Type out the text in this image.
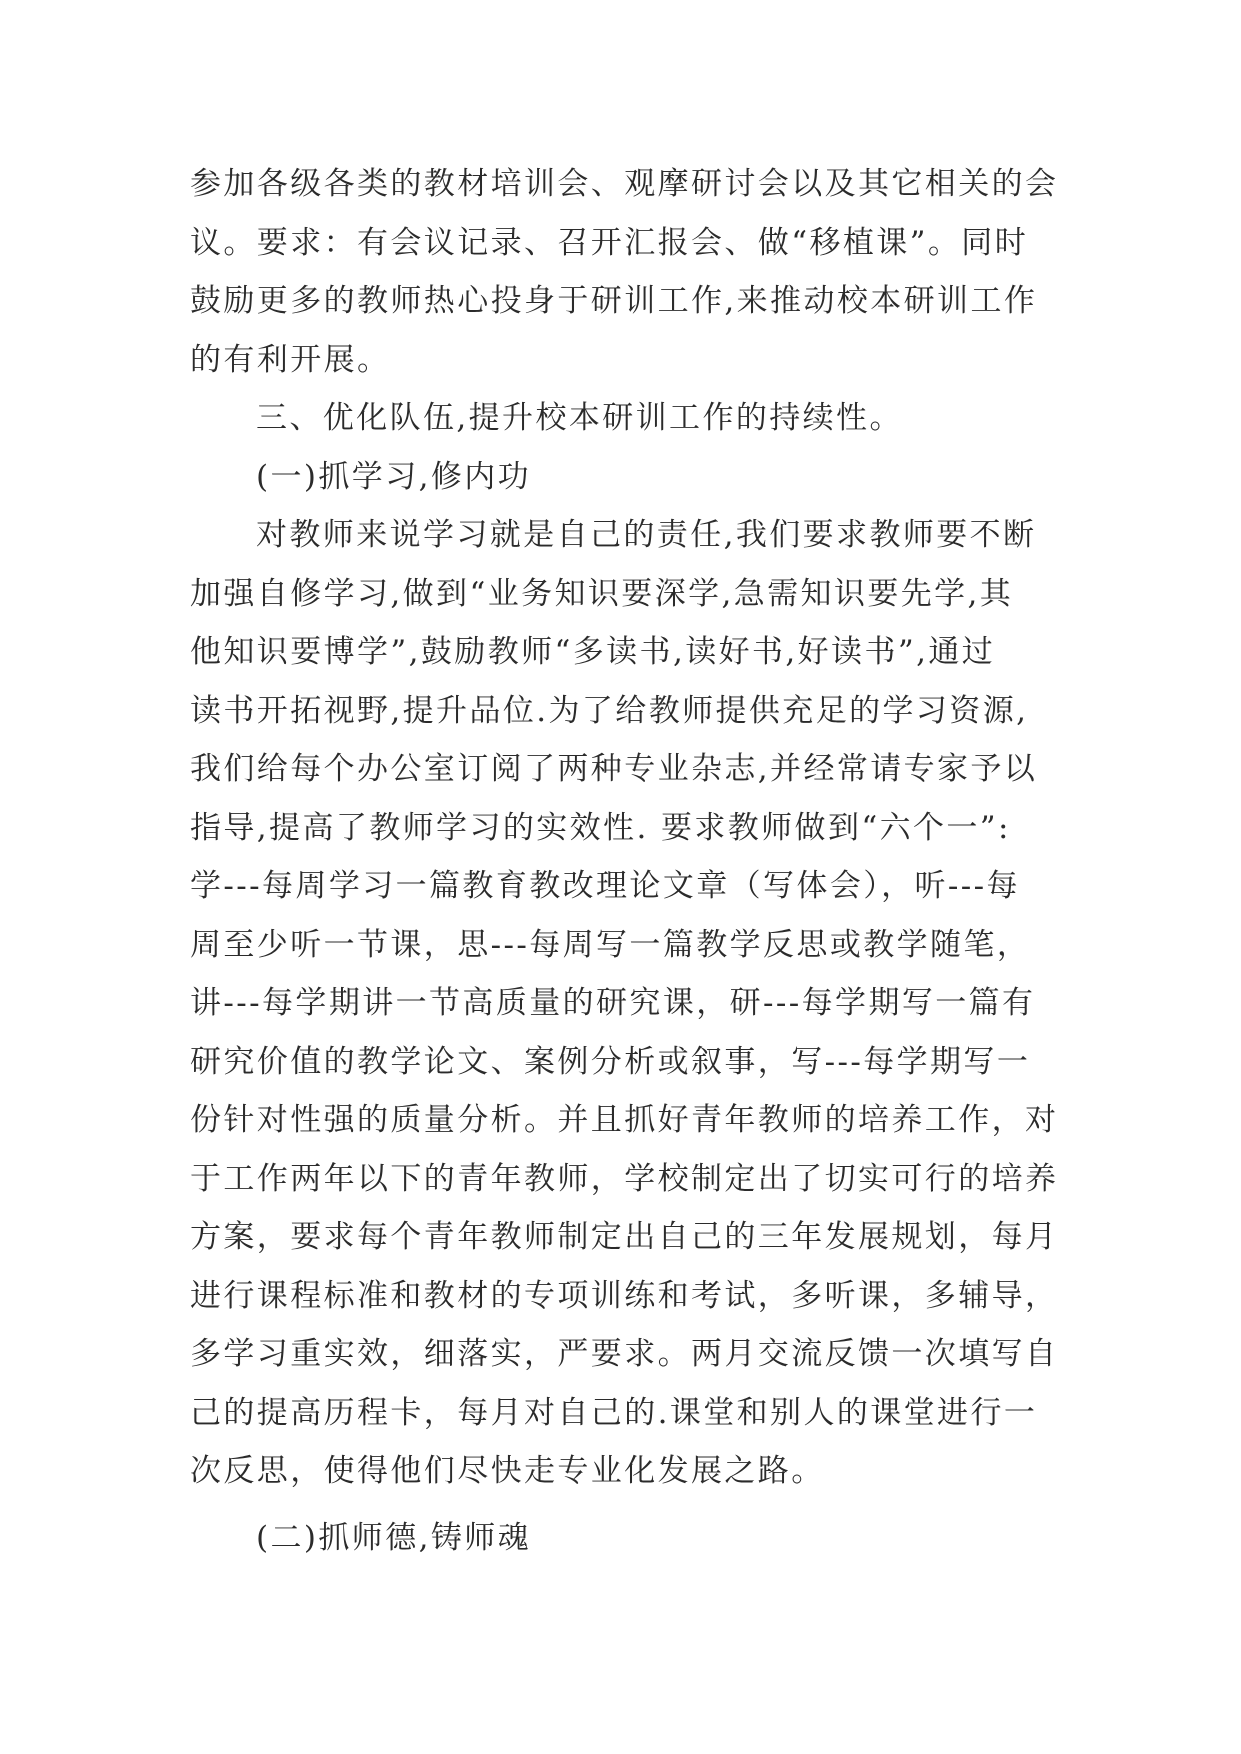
参加各级各类的教材培训会、观摩研讨会以及其它相关的会
议。要求：有会议记录、召开汇报会、做“移植课”。同时
鼓励更多的教师热心投身于研训工作,来推动校本研训工作
的有利开展。
三、优化队伍,提升校本研训工作的持续性。
(一)抓学习,修内功
对教师来说学习就是自己的责任,我们要求教师要不断
加强自修学习,做到“业务知识要深学,急需知识要先学,其
他知识要博学”,鼓励教师“多读书,读好书,好读书”,通过
读书开拓视野,提升品位.为了给教师提供充足的学习资源,
我们给每个办公室订阅了两种专业杂志,并经常请专家予以
指导,提高了教师学习的实效性. 要求教师做到“六个一”:
学---每周学习一篇教育教改理论文章（写体会），听---每
周至少听一节课，思---每周写一篇教学反思或教学随笔，
讲---每学期讲一节高质量的研究课，研---每学期写一篇有
研究价值的教学论文、案例分析或叙事，写---每学期写一
份针对性强的质量分析。并且抓好青年教师的培养工作，对
于工作两年以下的青年教师，学校制定出了切实可行的培养
方案，要求每个青年教师制定出自己的三年发展规划，每月
进行课程标准和教材的专项训练和考试，多听课，多辅导，
多学习重实效，细落实，严要求。两月交流反馈一次填写自
己的提高历程卡，每月对自己的.课堂和别人的课堂进行一
次反思，使得他们尽快走专业化发展之路。
(二)抓师德,铸师魂
